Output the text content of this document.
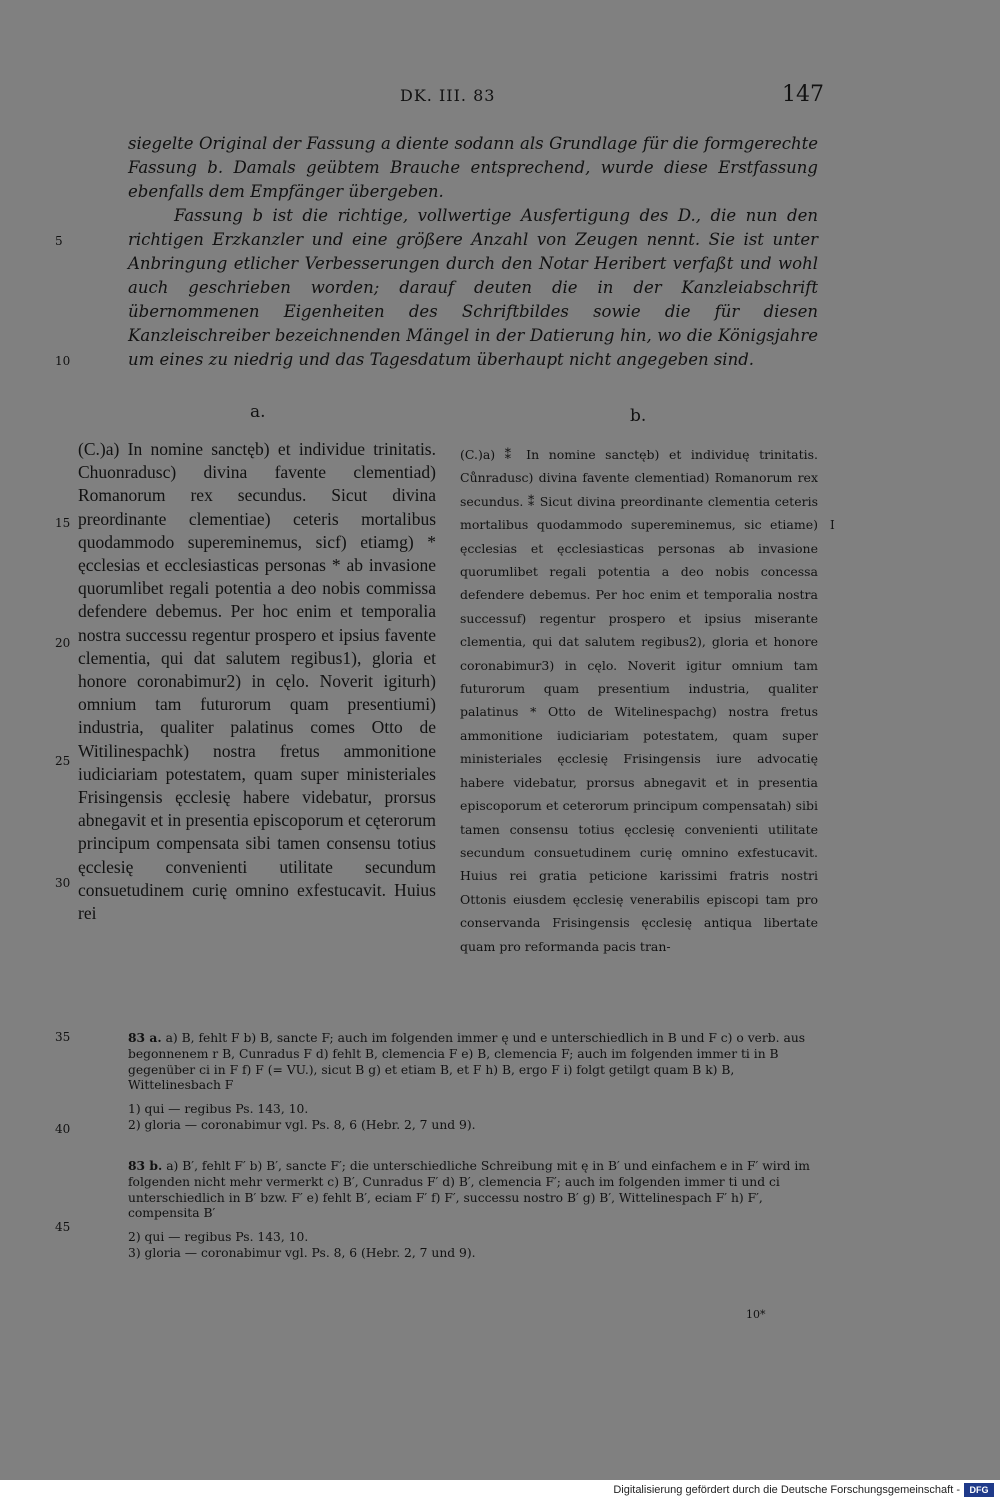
DK. III. 83	147

siegelte Original der Fassung a diente sodann als Grundlage für die formgerechte Fassung b. Damals geübtem Brauche entsprechend, wurde diese Erstfassung ebenfalls dem Empfänger übergeben.

Fassung b ist die richtige, vollwertige Ausfertigung des D., die nun den richtigen Erzkanzler und eine größere Anzahl von Zeugen nennt. Sie ist unter Anbringung etlicher Verbesserungen durch den Notar Heribert verfaßt und wohl auch geschrieben worden; darauf deuten die in der Kanzleiabschrift übernommenen Eigenheiten des Schriftbildes sowie die für diesen Kanzleischreiber bezeichnenden Mängel in der Datierung hin, wo die Königsjahre um eines zu niedrig und das Tagesdatum überhaupt nicht angegeben sind.

5
10
15
20
25
30
35
40
45
a.	b.

(C.)a) In nomine sanctęb) et individue trinitatis. Chuonradusc) divina favente clementiad) Romanorum rex secundus. Sicut divina preordinante clementiae) ceteris mortalibus quodammodo supereminemus, sicf) etiamg) * ęcclesias et ecclesiasticas personas * ab invasione quorumlibet regali potentia a deo nobis commissa defendere debemus. Per hoc enim et temporalia nostra successu regentur prospero et ipsius favente clementia, qui dat salutem regibus1), gloria et honore coronabimur2) in cęlo. Noverit igiturh) omnium tam futurorum quam presentiumi) industria, qualiter palatinus comes Otto de Witilinespachk) nostra fretus ammonitione iudiciariam potestatem, quam super ministeriales Frisingensis ęcclesię habere videbatur, prorsus abnegavit et in presentia episcoporum et cęterorum principum compensata sibi tamen consensu totius ęcclesię convenienti utilitate secundum consuetudinem curię omnino exfestucavit. Huius rei

(C.)a) ⁑ In nomine sanctęb) et individuę trinitatis. Cůnradusc) divina favente clementiad) Romanorum rex secundus. ⁑ Sicut divina preordinante clementia ceteris mortalibus quodammodo supereminemus, sic etiame) ęcclesias et ęcclesiasticas personas ab invasione quorumlibet regali potentia a deo nobis concessa defendere debemus. Per hoc enim et temporalia nostra successuf) regentur prospero et ipsius miserante clementia, qui dat salutem regibus2), gloria et honore coronabimur3) in cęlo. Noverit igitur omnium tam futurorum quam presentium industria, qualiter palatinus * Otto de Witelinespachg) nostra fretus ammonitione iudiciariam potestatem, quam super ministeriales ęcclesię Frisingensis iure advocatię habere videbatur, prorsus abnegavit et in presentia episcoporum et ceterorum principum compensatah) sibi tamen consensu totius ęcclesię convenienti utilitate secundum consuetudinem curię omnino exfestucavit. Huius rei gratia peticione karissimi fratris nostri Ottonis eiusdem ęcclesię venerabilis episcopi tam pro conservanda Frisingensis ęcclesię antiqua libertate quam pro reformanda pacis tran-

I

83 a. a) B, fehlt F b) B, sancte F; auch im folgenden immer ę und e unterschiedlich in B und F c) o verb. aus begonnenem r B, Cunradus F d) fehlt B, clemencia F e) B, clemencia F; auch im folgenden immer ti in B gegenüber ci in F f) F (= VU.), sicut B g) et etiam B, et F h) B, ergo F i) folgt getilgt quam B k) B, Wittelinesbach F

1) qui — regibus Ps. 143, 10.

2) gloria — coronabimur vgl. Ps. 8, 6 (Hebr. 2, 7 und 9).

83 b. a) B′, fehlt F′ b) B′, sancte F′; die unterschiedliche Schreibung mit ę in B′ und einfachem e in F′ wird im folgenden nicht mehr vermerkt c) B′, Cunradus F′ d) B′, clemencia F′; auch im folgenden immer ti und ci unterschiedlich in B′ bzw. F′ e) fehlt B′, eciam F′ f) F′, successu nostro B′ g) B′, Wittelinespach F′ h) F′, compensita B′

2) qui — regibus Ps. 143, 10.

3) gloria — coronabimur vgl. Ps. 8, 6 (Hebr. 2, 7 und 9).

10*
Digitalisierung gefördert durch die Deutsche Forschungsgemeinschaft -	DFG
